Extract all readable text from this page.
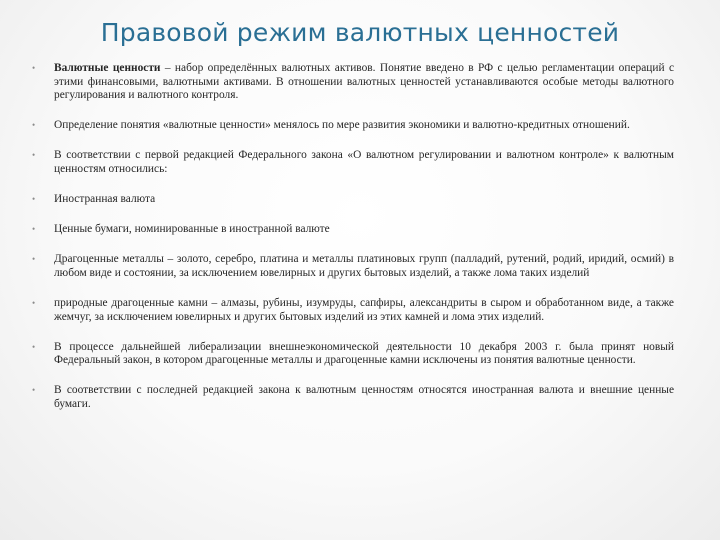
Правовой режим валютных ценностей
• Валютные ценности – набор определённых валютных активов. Понятие введено в РФ с целью регламентации операций с этими финансовыми, валютными активами. В отношении валютных ценностей устанавливаются особые методы валютного регулирования и валютного контроля.
• Определение понятия «валютные ценности» менялось по мере развития экономики и валютно-кредитных отношений.
• В соответствии с первой редакцией Федерального закона «О валютном регулировании и валютном контроле» к валютным ценностям относились:
• Иностранная валюта
• Ценные бумаги, номинированные в иностранной валюте
• Драгоценные металлы – золото, серебро, платина и металлы платиновых групп (палладий, рутений, родий, иридий, осмий) в любом виде и состоянии, за исключением ювелирных и других бытовых изделий, а также лома таких изделий
• природные драгоценные камни – алмазы, рубины, изумруды, сапфиры, александриты в сыром и обработанном виде, а также жемчуг, за исключением ювелирных и других бытовых изделий из этих камней и лома этих изделий.
• В процессе дальнейшей либерализации внешнеэкономической деятельности 10 декабря 2003 г. была принят новый Федеральный закон, в котором драгоценные металлы и драгоценные камни исключены из понятия валютные ценности.
• В соответствии с последней редакцией закона к валютным ценностям относятся иностранная валюта и внешние ценные бумаги.
